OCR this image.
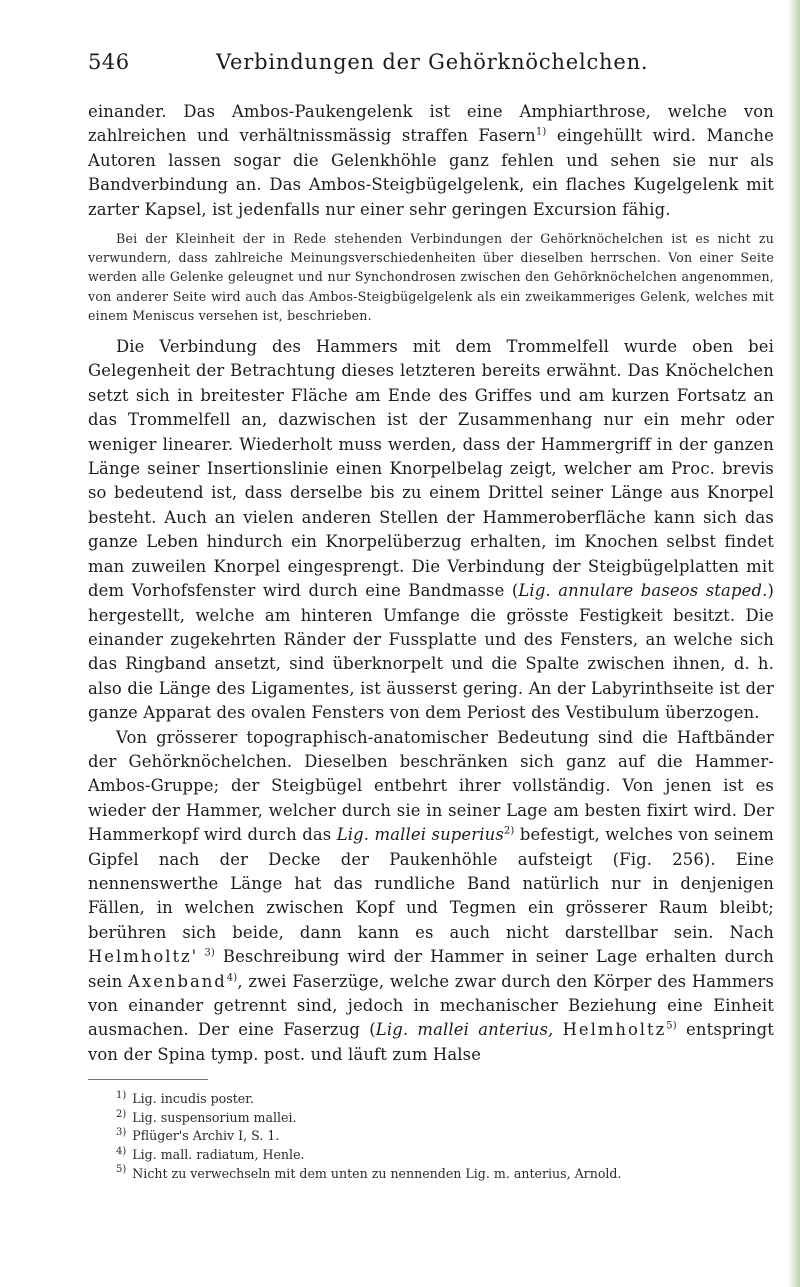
546	Verbindungen der Gehörknöchelchen.

einander. Das Ambos-Paukengelenk ist eine Amphiarthrose, welche von zahlreichen und verhältnissmässig straffen Fasern$^{1)}$ eingehüllt wird. Manche Autoren lassen sogar die Gelenkhöhle ganz fehlen und sehen sie nur als Bandverbindung an. Das Ambos-Steigbügelgelenk, ein flaches Kugelgelenk mit zarter Kapsel, ist jedenfalls nur einer sehr geringen Excursion fähig.

Bei der Kleinheit der in Rede stehenden Verbindungen der Gehörknöchelchen ist es nicht zu verwundern, dass zahlreiche Meinungsverschiedenheiten über dieselben herrschen. Von einer Seite werden alle Gelenke geleugnet und nur Synchondrosen zwischen den Gehörknöchelchen angenommen, von anderer Seite wird auch das Ambos-Steigbügelgelenk als ein zweikammeriges Gelenk, welches mit einem Meniscus versehen ist, beschrieben.

Die Verbindung des Hammers mit dem Trommelfell wurde oben bei Gelegenheit der Betrachtung dieses letzteren bereits erwähnt. Das Knöchelchen setzt sich in breitester Fläche am Ende des Griffes und am kurzen Fortsatz an das Trommelfell an, dazwischen ist der Zusammenhang nur ein mehr oder weniger linearer. Wiederholt muss werden, dass der Hammergriff in der ganzen Länge seiner Insertionslinie einen Knorpelbelag zeigt, welcher am Proc. brevis so bedeutend ist, dass derselbe bis zu einem Drittel seiner Länge aus Knorpel besteht. Auch an vielen anderen Stellen der Hammeroberfläche kann sich das ganze Leben hindurch ein Knorpelüberzug erhalten, im Knochen selbst findet man zuweilen Knorpel eingesprengt. Die Verbindung der Steigbügelplatten mit dem Vorhofsfenster wird durch eine Bandmasse (Lig. annulare baseos staped.) hergestellt, welche am hinteren Umfange die grösste Festigkeit besitzt. Die einander zugekehrten Ränder der Fussplatte und des Fensters, an welche sich das Ringband ansetzt, sind überknorpelt und die Spalte zwischen ihnen, d. h. also die Länge des Ligamentes, ist äusserst gering. An der Labyrinthseite ist der ganze Apparat des ovalen Fensters von dem Periost des Vestibulum überzogen.

Von grösserer topographisch-anatomischer Bedeutung sind die Haftbänder der Gehörknöchelchen. Dieselben beschränken sich ganz auf die Hammer-Ambos-Gruppe; der Steigbügel entbehrt ihrer vollständig. Von jenen ist es wieder der Hammer, welcher durch sie in seiner Lage am besten fixirt wird. Der Hammerkopf wird durch das Lig. mallei superius$^{2)}$ befestigt, welches von seinem Gipfel nach der Decke der Paukenhöhle aufsteigt (Fig. 256). Eine nennenswerthe Länge hat das rundliche Band natürlich nur in denjenigen Fällen, in welchen zwischen Kopf und Tegmen ein grösserer Raum bleibt; berühren sich beide, dann kann es auch nicht darstellbar sein. Nach Helmholtz' $^{3)}$ Beschreibung wird der Hammer in seiner Lage erhalten durch sein Axenband$^{4)}$, zwei Faserzüge, welche zwar durch den Körper des Hammers von einander getrennt sind, jedoch in mechanischer Beziehung eine Einheit ausmachen. Der eine Faserzug (Lig. mallei anterius, Helmholtz$^{5)}$ entspringt von der Spina tymp. post. und läuft zum Halse

$^{1)}$ Lig. incudis poster.
$^{2)}$ Lig. suspensorium mallei.
$^{3)}$ Pflüger's Archiv I, S. 1.
$^{4)}$ Lig. mall. radiatum, Henle.
$^{5)}$ Nicht zu verwechseln mit dem unten zu nennenden Lig. m. anterius, Arnold.
